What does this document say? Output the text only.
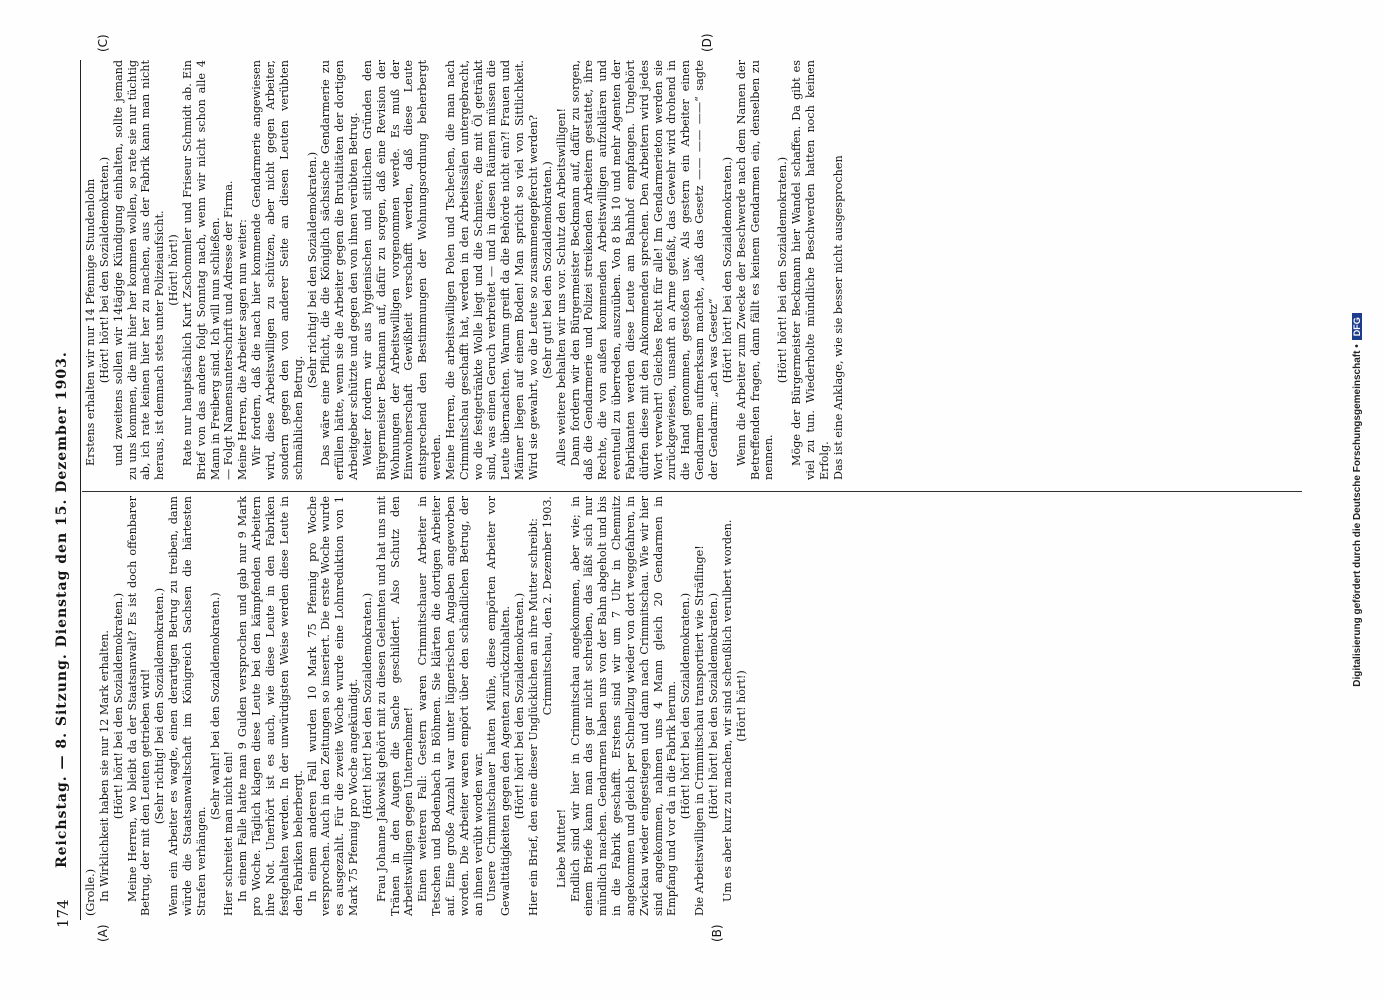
174
Reichstag. — 8. Sitzung. Dienstag den 15. Dezember 1903.
(A)	(B)
(C)	(D)

(Grolle.) In Wirklichkeit haben sie nur 12 Mark erhalten. (Hört! hört! bei den Sozialdemokraten.) Meine Herren, wo bleibt da der Staatsanwalt? Es ist doch offenbarer Betrug, der mit den Leuten getrieben wird! (Sehr richtig! bei den Sozialdemokraten.) Wenn ein Arbeiter es wagte, einen derartigen Betrug zu treiben, dann würde die Staatsanwaltschaft im Königreich Sachsen die härtesten Strafen verhängen.

(Sehr wahr! bei den Sozialdemokraten.)

Hier schreitet man nicht ein! In einem Falle hatte man 9 Gulden versprochen und gab nur 9 Mark pro Woche. Täglich klagen diese Leute bei den kämpfenden Arbeitern ihre Not. Unerhört ist es auch, wie diese Leute in den Fabriken festgehalten werden. In der unwürdigsten Weise werden diese Leute in den Fabriken beherbergt. In einem anderen Fall wurden 10 Mark 75 Pfennig pro Woche versprochen. Auch in den Zeitungen so inseriert. Die erste Woche wurde es ausgezahlt. Für die zweite Woche wurde eine Lohnreduktion von 1 Mark 75 Pfennig pro Woche angekündigt. (Hört! hört! bei den Sozialdemokraten.) Frau Johanne Jakowski gehört mit zu diesen Geleimten und hat uns mit Tränen in den Augen die Sache geschildert. Also Schutz den Arbeitswilligen gegen Unternehmer! Einen weiteren Fall: Gestern waren Crimmitschauer Arbeiter in Tetschen und Bodenbach in Böhmen. Sie klärten die dortigen Arbeiter auf. Eine große Anzahl war unter lügnerischen Angaben angeworben worden. Die Arbeiter waren empört über den schändlichen Betrug, der an ihnen verübt worden war. Unsere Crimmitschauer hatten Mühe, diese empörten Arbeiter vor Gewalttätigkeiten gegen den Agenten zurückzuhalten. (Hört! hört! bei den Sozialdemokraten.) Hier ein Brief, den eine dieser Unglücklichen an ihre Mutter schreibt: Crimmitschau, den 2. Dezember 1903.

Liebe Mutter! Endlich sind wir hier in Crimmitschau angekommen, aber wie; in einem Briefe kann man das gar nicht schreiben, das läßt sich nur mündlich machen. Gendarmen haben uns von der Bahn abgeholt und bis in die Fabrik geschafft. Erstens sind wir um 7 Uhr in Chemnitz angekommen und gleich per Schnellzug wieder von dort weggefahren, in Zwickau wieder eingestiegen und dann nach Crimmitschau. Wie wir hier sind angekommen, nahmen uns 4 Mann gleich 20 Gendarmen in Empfang und vor da in die Fabrik herum. (Hört! hört! bei den Sozialdemokraten.) Die Arbeitswilligen in Crimmitschau transportiert wie Sträflinge! (Hört! hört! bei den Sozialdemokraten.) Um es aber kurz zu machen, wir sind scheußlich verulbert worden. (Hört! hört!)

Erstens erhalten wir nur 14 Pfennige Stundenlohn (Hört! hört! bei den Sozialdemokraten.) und zweitens sollen wir 14tägige Kündigung einhalten, sollte jemand zu uns kommen, die mit hier her kommen wollen, so rate sie nur tüchtig ab, ich rate keinen hier her zu machen, aus der Fabrik kann man nicht heraus, ist demnach stets unter Polizeiaufsicht. (Hört! hört!) Rate nur hauptsächlich Kurt Zschommler und Friseur Schmidt ab. Ein Brief von das andere folgt Sonntag nach, wenn wir nicht schon alle 4 Mann in Freiberg sind. Ich will nun schließen. — Folgt Namensunterschrift und Adresse der Firma. Meine Herren, die Arbeiter sagen nun weiter: Wir fordern, daß die nach hier kommende Gendarmerie angewiesen wird, diese Arbeitswilligen zu schützen, aber nicht gegen Arbeiter, sondern gegen den von anderer Seite an diesen Leuten verübten schmählichen Betrug.

(Sehr richtig! bei den Sozialdemokraten.) Das wäre eine Pflicht, die die Königlich sächsische Gendarmerie zu erfüllen hätte, wenn sie die Arbeiter gegen die Brutalitäten der dortigen Arbeitgeber schützte und gegen den von ihnen verübten Betrug. Weiter fordern wir aus hygienischen und sittlichen Gründen den Bürgermeister Beckmann auf, dafür zu sorgen, daß eine Revision der Wohnungen der Arbeitswilligen vorgenommen werde. Es muß der Einwohnerschaft Gewißheit verschafft werden, daß diese Leute entsprechend den Bestimmungen der Wohnungsordnung beherbergt werden. Meine Herren, die arbeitswilligen Polen und Tschechen, die man nach Crimmitschau geschafft hat, werden in den Arbeitssälen untergebracht, wo die festgetränkte Wolle liegt und die Schmiere, die mit Öl getränkt sind, was einen Geruch verbreitet — und in diesen Räumen müssen die Leute übernachten. Warum greift da die Behörde nicht ein?! Frauen und Männer liegen auf einem Boden! Man spricht so viel von Sittlichkeit. Wird sie gewahrt, wo die Leute so zusammengepfercht werden? (Sehr gut! bei den Sozialdemokraten.) Alles weitere behalten wir uns vor. Schutz den Arbeitswilligen! Dann fordern wir den Bürgermeister Beckmann auf, dafür zu sorgen, daß die Gendarmerie und Polizei streikenden Arbeitern gestattet, ihre Rechte, die von außen kommenden Arbeitswilligen aufzuklären und eventuell zu überreden, auszuüben. Von 8 bis 10 und mehr Agenten der Fabrikanten werden diese Leute am Bahnhof empfangen. Ungehört dürfen diese mit den Ankommenden sprechen. Den Arbeitern wird jedes Wort verwehrt! Gleiches Recht für alle! Im Gendarmerieton werden sie zurückgewiesen, unsanft an Arme gefaßt, das Gewehr wird drohend in die Hand genommen, gestoßen usw. Als gestern ein Arbeiter einen Gendarmen aufmerksam machte, „daß das Gesetz —— —— ——“ sagte der Gendarm: „ach was Gesetz“

(Hört! hört! bei den Sozialdemokraten.) Wenn die Arbeiter zum Zwecke der Beschwerde nach dem Namen der Betreffenden fragen, dann fällt es keinem Gendarmen ein, denselben zu nennen.

(Hört! hört! bei den Sozialdemokraten.) Möge der Bürgermeister Beckmann hier Wandel schaffen. Da gibt es viel zu tun. Wiederholte mündliche Beschwerden hatten noch keinen Erfolg. Das ist eine Anklage, wie sie besser nicht ausgesprochen

Digitalisierung gefördert durch die Deutsche Forschungsgemeinschaft •DFG
